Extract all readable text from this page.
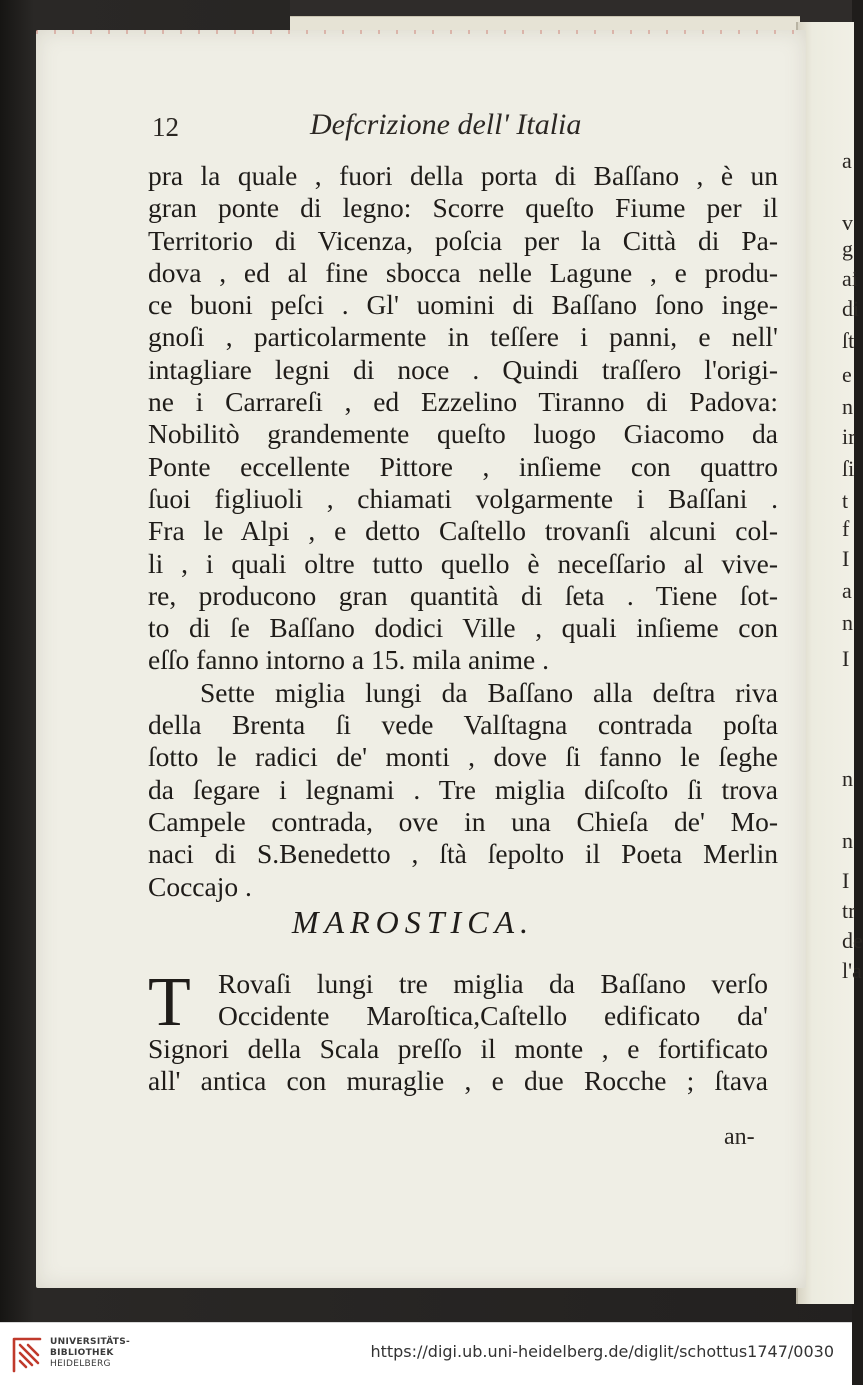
a
v
g
ai
di
ſt
e
n
ir
ſi
t
f
I
a
n
I
n
n
I
tr
de
l'a
12	Defcrizione dell' Italia
pra la quale , fuori della porta di Baſſano , è un
gran ponte di legno: Scorre queſto Fiume per il
Territorio di Vicenza, poſcia per la Città di Pa-
dova , ed al fine sbocca nelle Lagune , e produ-
ce buoni peſci . Gl' uomini di Baſſano ſono inge-
gnoſi , particolarmente in teſſere i panni, e nell'
intagliare legni di noce . Quindi traſſero l'origi-
ne i Carrareſi , ed Ezzelino Tiranno di Padova:
Nobilitò grandemente queſto luogo Giacomo da
Ponte eccellente Pittore , inſieme con quattro
ſuoi figliuoli , chiamati volgarmente i Baſſani .
Fra le Alpi , e detto Caſtello trovanſi alcuni col-
li , i quali oltre tutto quello è neceſſario al vive-
re, producono gran quantità di ſeta . Tiene ſot-
to di ſe Baſſano dodici Ville , quali inſieme con
eſſo fanno intorno a 15. mila anime .
Sette miglia lungi da Baſſano alla deſtra riva
della Brenta ſi vede Valſtagna contrada poſta
ſotto le radici de' monti , dove ſi fanno le ſeghe
da ſegare i legnami . Tre miglia diſcoſto ſi trova
Campele contrada, ove in una Chieſa de' Mo-
naci di S.Benedetto , ſtà ſepolto il Poeta Merlin
Coccajo .
MAROSTICA.
T Rovaſi lungi tre miglia da Baſſano verſo
Occidente Maroſtica,Caſtello edificato da'
Signori della Scala preſſo il monte , e fortificato
all' antica con muraglie , e due Rocche ; ſtava
an-
UNIVERSITÄTS-
BIBLIOTHEK
HEIDELBERG
https://digi.ub.uni-heidelberg.de/diglit/schottus1747/0030
